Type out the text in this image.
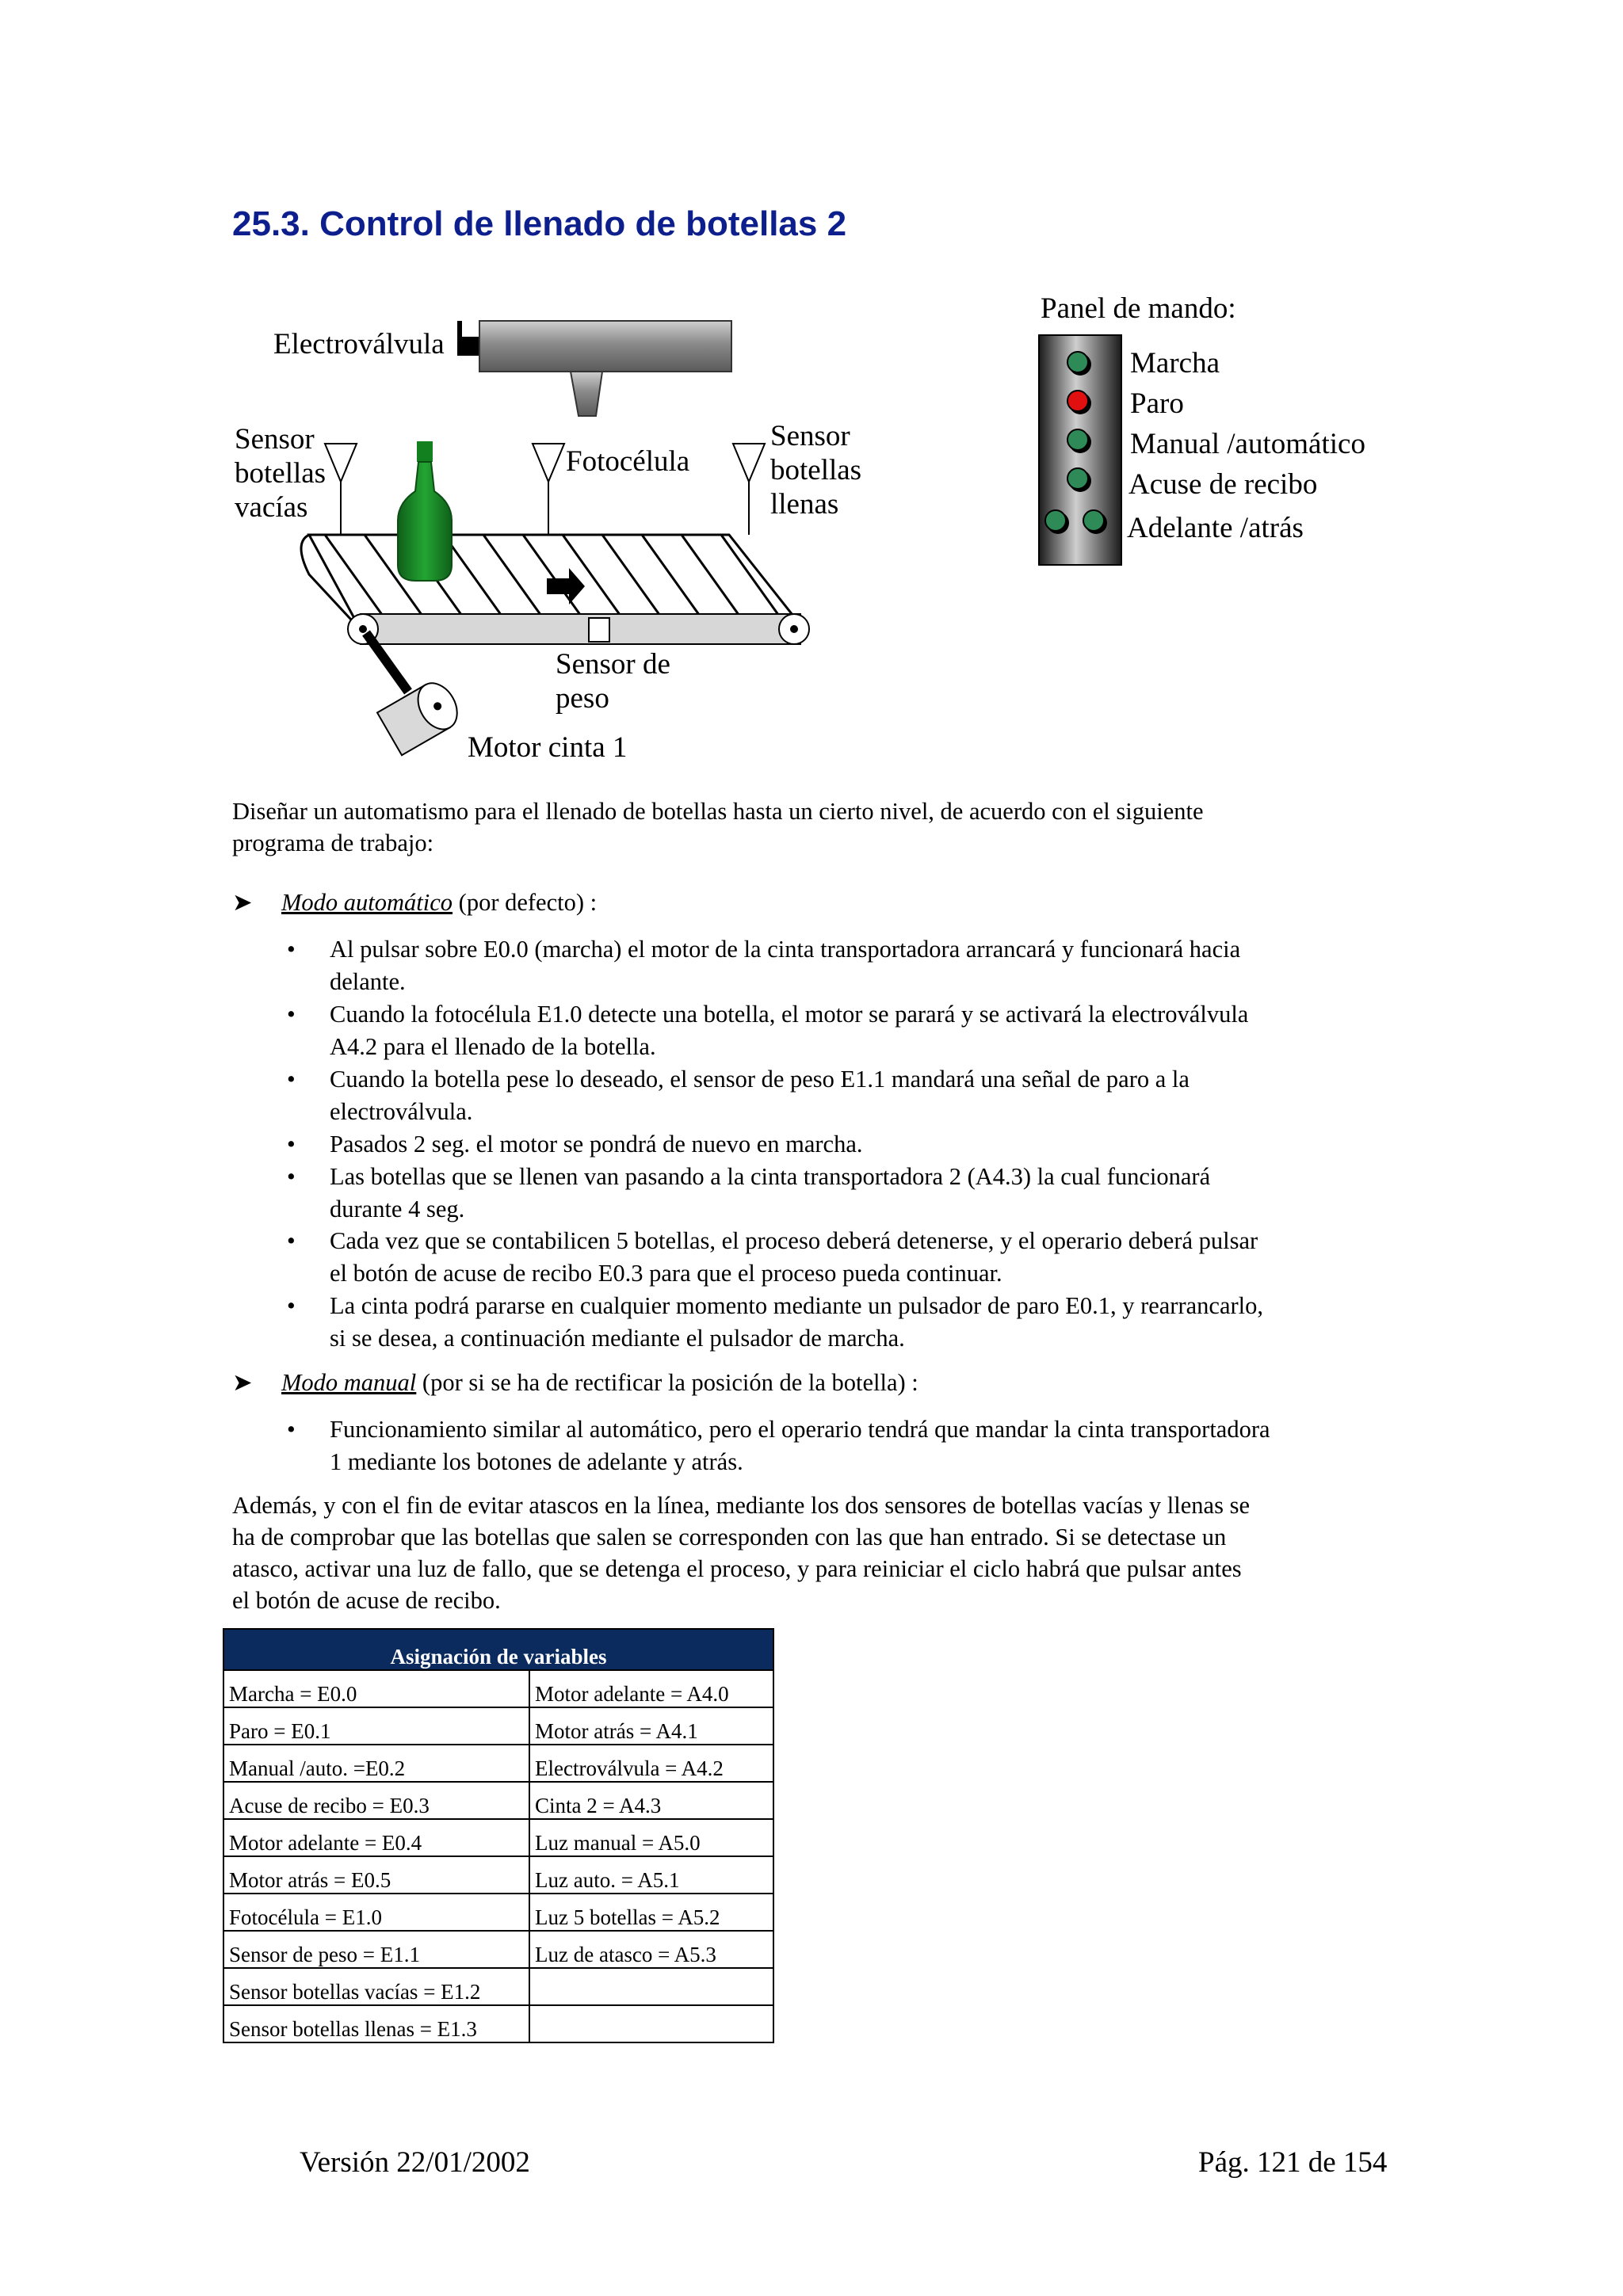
25.3. Control de llenado de botellas 2
Electroválvula
Sensor
botellas
vacías
Fotocélula
Sensor
botellas
llenas
Sensor de
peso
Motor cinta 1
Panel de mando:
Marcha
Paro
Manual /automático
Acuse de recibo
Adelante /atrás
Diseñar un automatismo para el llenado de botellas hasta un cierto nivel, de acuerdo con el siguiente
programa de trabajo:
➤ Modo automático (por defecto) :
• Al pulsar sobre E0.0 (marcha) el motor de la cinta transportadora arrancará y funcionará hacia
delante.
• Cuando la fotocélula E1.0 detecte una botella, el motor se parará y se activará la electroválvula
A4.2 para el llenado de la botella.
• Cuando la botella pese lo deseado, el sensor de peso E1.1 mandará una señal de paro a la
electroválvula.
• Pasados 2 seg. el motor se pondrá de nuevo en marcha.
• Las botellas que se llenen van pasando a la cinta transportadora 2 (A4.3) la cual funcionará
durante 4 seg.
• Cada vez que se contabilicen 5 botellas, el proceso deberá detenerse, y el operario deberá pulsar
el botón de acuse de recibo E0.3 para que el proceso pueda continuar.
• La cinta podrá pararse en cualquier momento mediante un pulsador de paro E0.1, y rearrancarlo,
si se desea, a continuación mediante el pulsador de marcha.
➤ Modo manual (por si se ha de rectificar la posición de la botella) :
• Funcionamiento similar al automático, pero el operario tendrá que mandar la cinta transportadora
1 mediante los botones de adelante y atrás.
Además, y con el fin de evitar atascos en la línea, mediante los dos sensores de botellas vacías y llenas se
ha de comprobar que las botellas que salen se corresponden con las que han entrado. Si se detectase un
atasco, activar una luz de fallo, que se detenga el proceso, y para reiniciar el ciclo habrá que pulsar antes
el botón de acuse de recibo.
Asignación de variables	
Marcha = E0.0	Motor adelante = A4.0
Paro = E0.1	Motor atrás = A4.1
Manual /auto. =E0.2	Electroválvula = A4.2
Acuse de recibo = E0.3	Cinta 2 = A4.3
Motor adelante = E0.4	Luz manual = A5.0
Motor atrás = E0.5	Luz auto. = A5.1
Fotocélula = E1.0	Luz 5 botellas = A5.2
Sensor de peso = E1.1	Luz de atasco = A5.3
Sensor botellas vacías = E1.2	
Sensor botellas llenas = E1.3	
Versión 22/01/2002	Pág. 121 de 154
